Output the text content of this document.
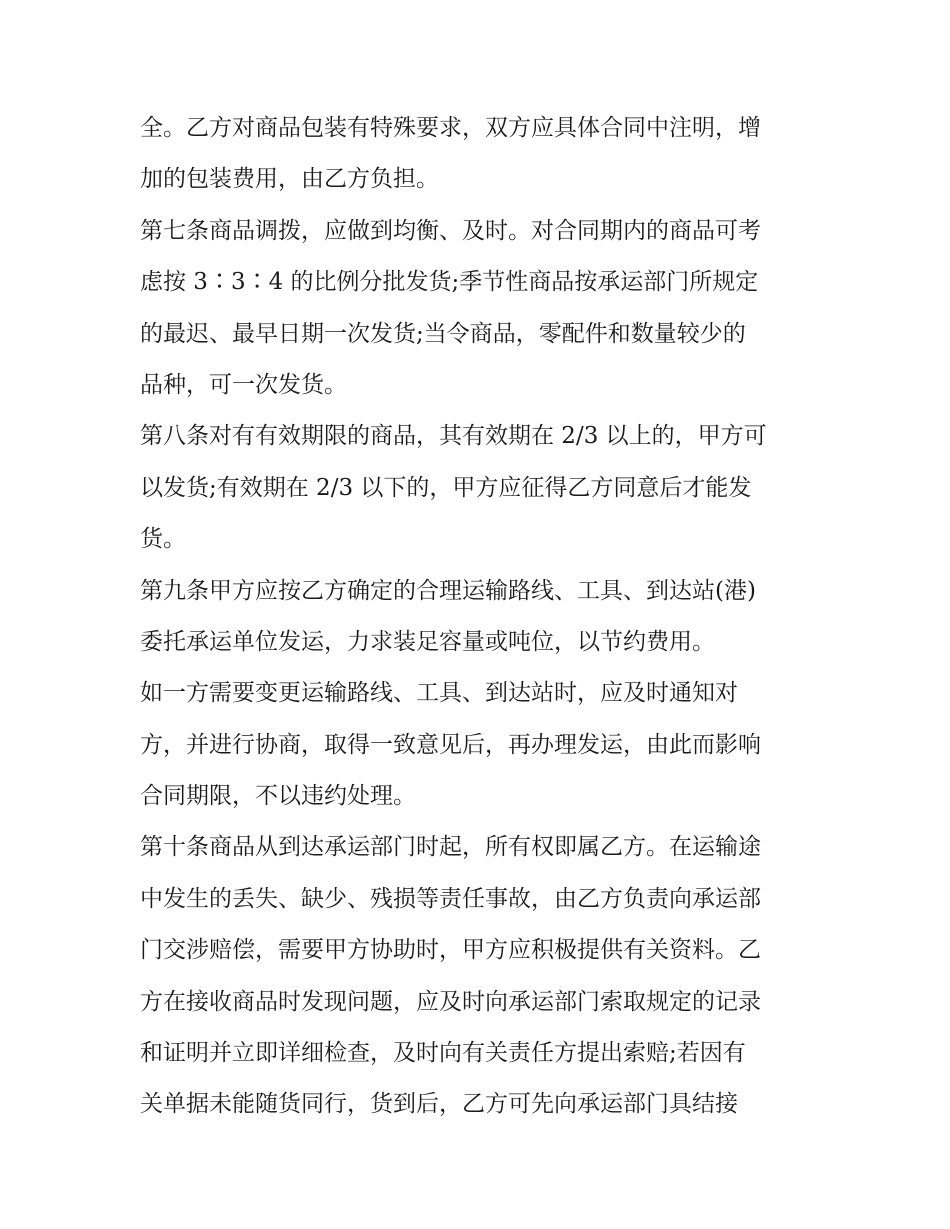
全。乙方对商品包装有特殊要求，双方应具体合同中注明，增
加的包装费用，由乙方负担。
第七条商品调拨，应做到均衡、及时。对合同期内的商品可考
虑按 3∶3∶4 的比例分批发货;季节性商品按承运部门所规定
的最迟、最早日期一次发货;当令商品，零配件和数量较少的
品种，可一次发货。
第八条对有有效期限的商品，其有效期在 2/3 以上的，甲方可
以发货;有效期在 2/3 以下的，甲方应征得乙方同意后才能发
货。
第九条甲方应按乙方确定的合理运输路线、工具、到达站(港)
委托承运单位发运，力求装足容量或吨位，以节约费用。
如一方需要变更运输路线、工具、到达站时，应及时通知对
方，并进行协商，取得一致意见后，再办理发运，由此而影响
合同期限，不以违约处理。
第十条商品从到达承运部门时起，所有权即属乙方。在运输途
中发生的丢失、缺少、残损等责任事故，由乙方负责向承运部
门交涉赔偿，需要甲方协助时，甲方应积极提供有关资料。乙
方在接收商品时发现问题，应及时向承运部门索取规定的记录
和证明并立即详细检查，及时向有关责任方提出索赔;若因有
关单据未能随货同行，货到后，乙方可先向承运部门具结接
